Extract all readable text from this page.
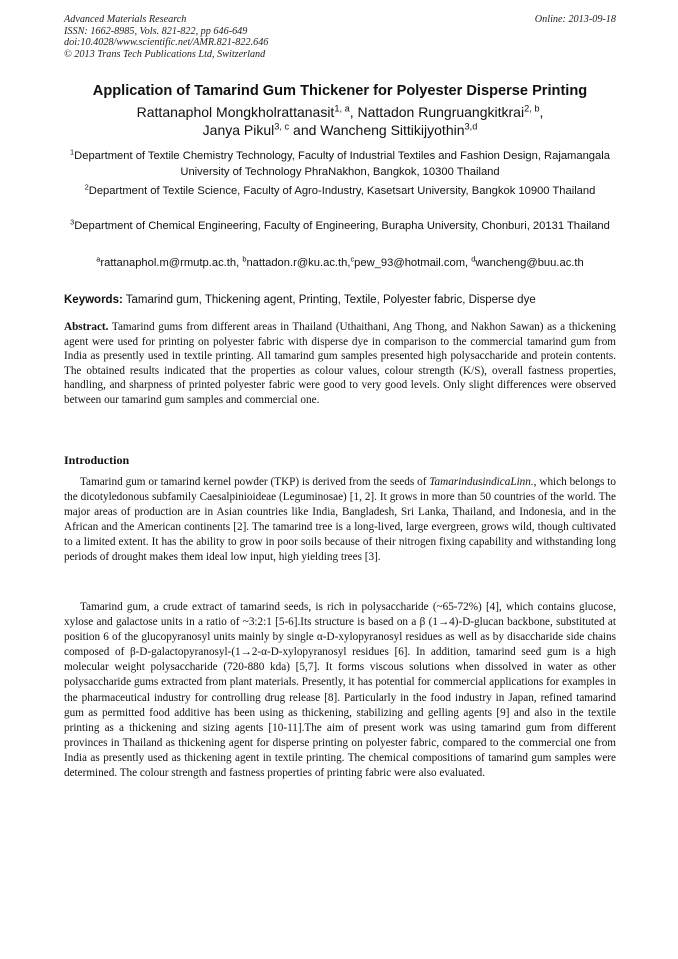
Advanced Materials Research
ISSN: 1662-8985, Vols. 821-822, pp 646-649
doi:10.4028/www.scientific.net/AMR.821-822.646
© 2013 Trans Tech Publications Ltd, Switzerland
Online: 2013-09-18
Application of Tamarind Gum Thickener for Polyester Disperse Printing
Rattanaphol Mongkholrattanasit$^{1, a}$, Nattadon Rungruangkitkrai$^{2, b}$,
Janya Pikul$^{3, c}$ and Wancheng Sittikijyothin$^{3,d}$
$^1$Department of Textile Chemistry Technology, Faculty of Industrial Textiles and Fashion Design, Rajamangala University of Technology PhraNakhon, Bangkok, 10300 Thailand
$^2$Department of Textile Science, Faculty of Agro-Industry, Kasetsart University, Bangkok 10900 Thailand
$^3$Department of Chemical Engineering, Faculty of Engineering, Burapha University, Chonburi, 20131 Thailand
$^a$rattanaphol.m@rmutp.ac.th, $^b$nattadon.r@ku.ac.th,$^c$pew_93@hotmail.com, $^d$wancheng@buu.ac.th
Keywords: Tamarind gum, Thickening agent, Printing, Textile, Polyester fabric, Disperse dye
Abstract. Tamarind gums from different areas in Thailand (Uthaithani, Ang Thong, and Nakhon Sawan) as a thickening agent were used for printing on polyester fabric with disperse dye in comparison to the commercial tamarind gum from India as presently used in textile printing. All tamarind gum samples presented high polysaccharide and protein contents. The obtained results indicated that the properties as colour values, colour strength (K/S), overall fastness properties, handling, and sharpness of printed polyester fabric were good to very good levels. Only slight differences were observed between our tamarind gum samples and commercial one.
Introduction
Tamarind gum or tamarind kernel powder (TKP) is derived from the seeds of TamarindusindicaLinn., which belongs to the dicotyledonous subfamily Caesalpinioideae (Leguminosae) [1, 2]. It grows in more than 50 countries of the world. The major areas of production are in Asian countries like India, Bangladesh, Sri Lanka, Thailand, and Indonesia, and in the African and the American continents [2]. The tamarind tree is a long-lived, large evergreen, grows wild, though cultivated to a limited extent. It has the ability to grow in poor soils because of their nitrogen fixing capability and withstanding long periods of drought makes them ideal low input, high yielding trees [3].
Tamarind gum, a crude extract of tamarind seeds, is rich in polysaccharide (~65-72%) [4], which contains glucose, xylose and galactose units in a ratio of ~3:2:1 [5-6].Its structure is based on a β (1→4)-D-glucan backbone, substituted at position 6 of the glucopyranosyl units mainly by single α-D-xylopyranosyl residues as well as by disaccharide side chains composed of β-D-galactopyranosyl-(1→2-α-D-xylopyranosyl residues [6]. In addition, tamarind seed gum is a high molecular weight polysaccharide (720-880 kda) [5,7]. It forms viscous solutions when dissolved in water as other polysaccharide gums extracted from plant materials. Presently, it has potential for commercial applications for examples in the pharmaceutical industry for controlling drug release [8]. Particularly in the food industry in Japan, refined tamarind gum as permitted food additive has been using as thickening, stabilizing and gelling agents [9] and also in the textile printing as a thickening and sizing agents [10-11].The aim of present work was using tamarind gum from different provinces in Thailand as thickening agent for disperse printing on polyester fabric, compared to the commercial one from India as presently used as thickening agent in textile printing. The chemical compositions of tamarind gum samples were determined. The colour strength and fastness properties of printing fabric were also evaluated.
